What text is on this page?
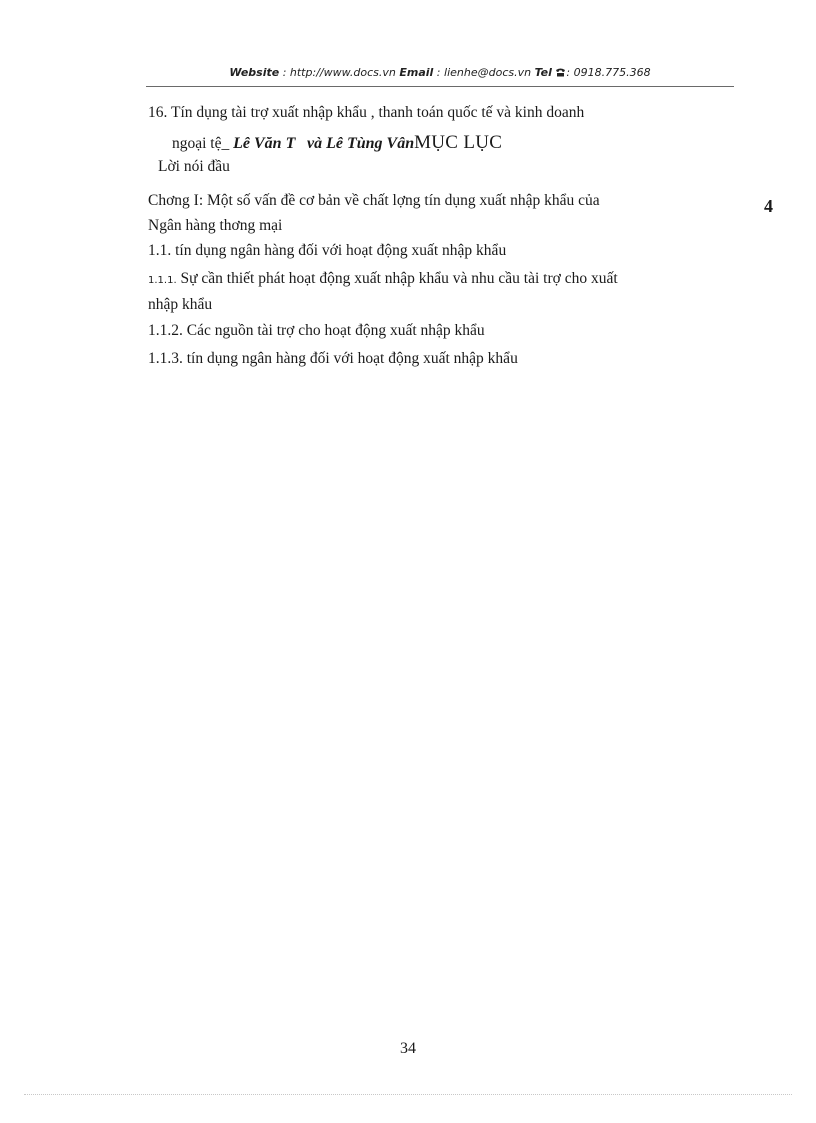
Website : http://www.docs.vn Email : lienhe@docs.vn Tel : 0918.775.368
16. Tín dụng tài trợ xuất nhập khẩu , thanh toán quốc tế và kinh doanh
ngoại tệ_ Lê Văn T và Lê Tùng VânMỤC LỤC
Lời nói đầu
Chơng I: Một số vấn đề cơ bản về chất lợng tín dụng xuất nhập khẩu của	4
Ngân hàng thơng mại
1.1. tín dụng ngân hàng đối với hoạt động xuất nhập khẩu
1.1.1. Sự cần thiết phát hoạt động xuất nhập khẩu và nhu cầu tài trợ cho xuất
nhập khẩu
1.1.2. Các nguồn tài trợ cho hoạt động xuất nhập khẩu
1.1.3. tín dụng ngân hàng đối với hoạt động xuất nhập khẩu
34
